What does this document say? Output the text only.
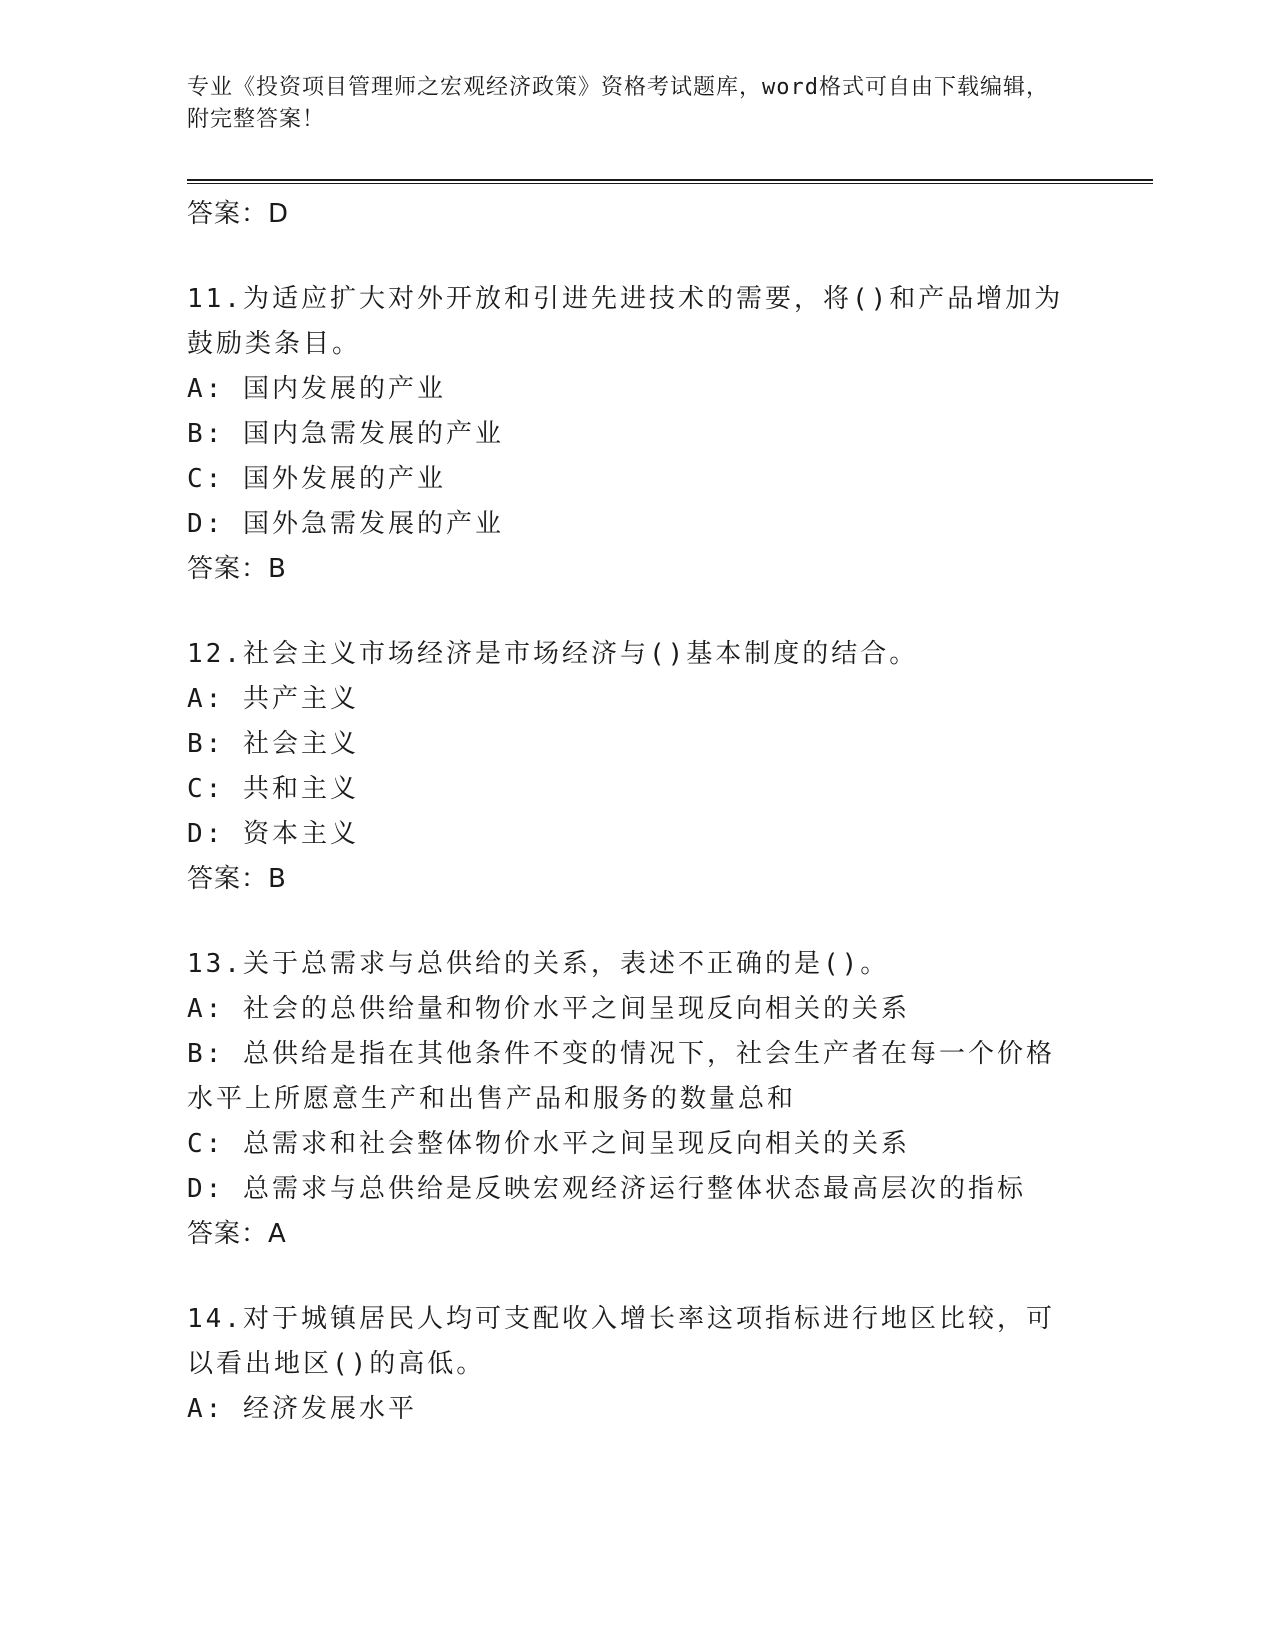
专业《投资项目管理师之宏观经济政策》资格考试题库，word格式可自由下载编辑，附完整答案！

答案：D

11.为适应扩大对外开放和引进先进技术的需要，将()和产品增加为鼓励类条目。

A: 国内发展的产业

B: 国内急需发展的产业

C: 国外发展的产业

D: 国外急需发展的产业

答案：B

12.社会主义市场经济是市场经济与()基本制度的结合。

A: 共产主义

B: 社会主义

C: 共和主义

D: 资本主义

答案：B

13.关于总需求与总供给的关系，表述不正确的是()。

A: 社会的总供给量和物价水平之间呈现反向相关的关系

B: 总供给是指在其他条件不变的情况下，社会生产者在每一个价格水平上所愿意生产和出售产品和服务的数量总和

C: 总需求和社会整体物价水平之间呈现反向相关的关系

D: 总需求与总供给是反映宏观经济运行整体状态最高层次的指标

答案：A

14.对于城镇居民人均可支配收入增长率这项指标进行地区比较，可以看出地区()的高低。

A: 经济发展水平
